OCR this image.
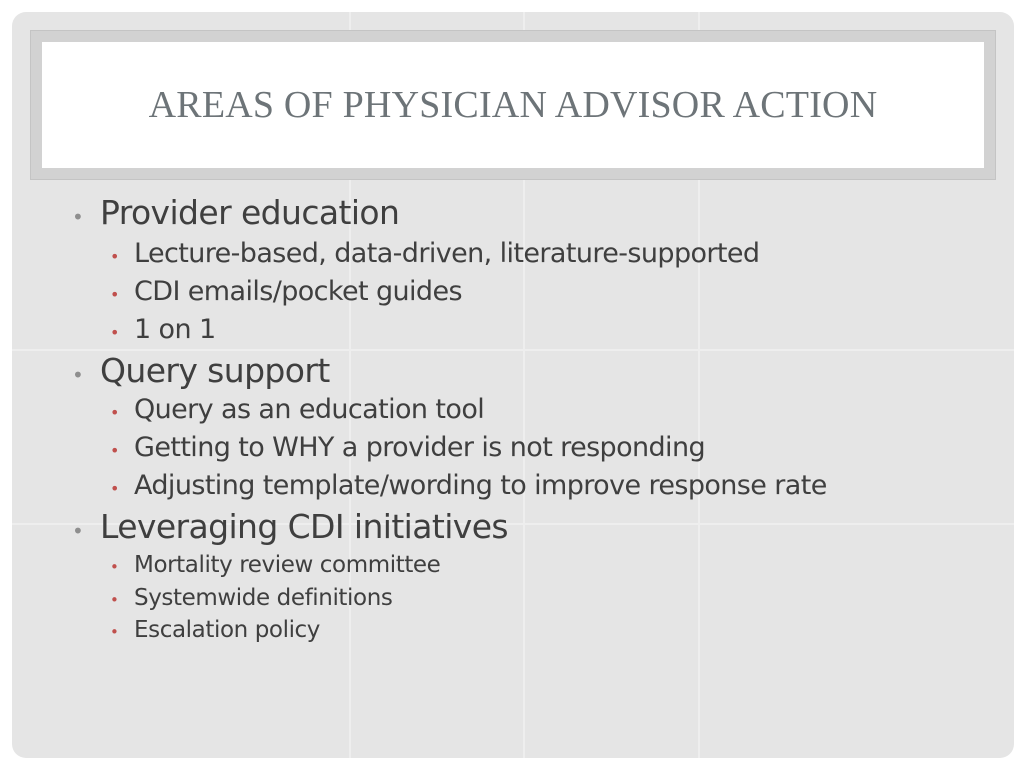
AREAS OF PHYSICIAN ADVISOR ACTION
• Provider education
• Lecture-based, data-driven, literature-supported
• CDI emails/pocket guides
• 1 on 1
• Query support
• Query as an education tool
• Getting to WHY a provider is not responding
• Adjusting template/wording to improve response rate
• Leveraging CDI initiatives
• Mortality review committee
• Systemwide definitions
• Escalation policy
